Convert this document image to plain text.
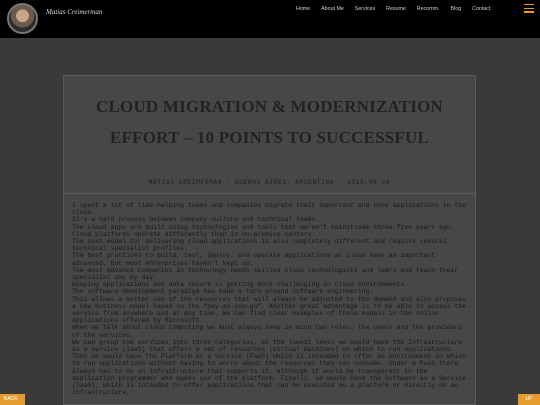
Matias Creimerman	Home About Me Services Resume Recomm. Blog Contact
CLOUD MIGRATION & MODERNIZATION EFFORT – 10 POINTS TO SUCCESSFUL
MATIAS CREIMERMAN - BUENOS AIRES, ARGENTINA - 2019-08-26
I spent a lot of time helping teams and companies migrate their important and core applications to the cloud.
It's a hard process between company culture and technical teams.
The cloud apps are built using technologies and tools that weren't mainstream three-five years ago.
Cloud platforms operate differently than in on-premise centers.
The cost model for delivering cloud applications is also completely different and require several technical specialist profiles.
The best practices to build, test, deploy, and operate applications at cloud have an important advanced, but most enterprises haven't kept up.
The most advance companies in technology needs skilled cloud technologists and learn and teach their specialist day by day.
Keeping applications and data secure is getting more challenging in cloud environments.
The software development paradigm has made a turn around software engineering.
This allows a better use of the resources that will always be adjusted to the demand and also proposes a new business model based on the “pay-as-you-go”. Another great advantage is to be able to access the service from anywhere and at any time. We can find clear examples of these models in the online applications offered by Microsoft.
When we talk about cloud computing we must always keep in mind two roles: the users and the providers of the services.
We can group the services into three categories, at the lowest level we would have the Infrastructure as a Service (IaaS) that offers a set of resources (virtual machines) on which to run applications. Then we would have the Platform as a Service (PaaS) which is intended to offer an environment in which to run applications without having to worry about the resources they can consume. Under a PaaS there always has to be an infrastructure that supports it, although it would be transparent to the application programmer who makes use of the platform. Finally, we would have the Software as a Service (SaaS), which is intended to offer applications that can be executed on a platform or directly on an infrastructure,
BACK	UP
